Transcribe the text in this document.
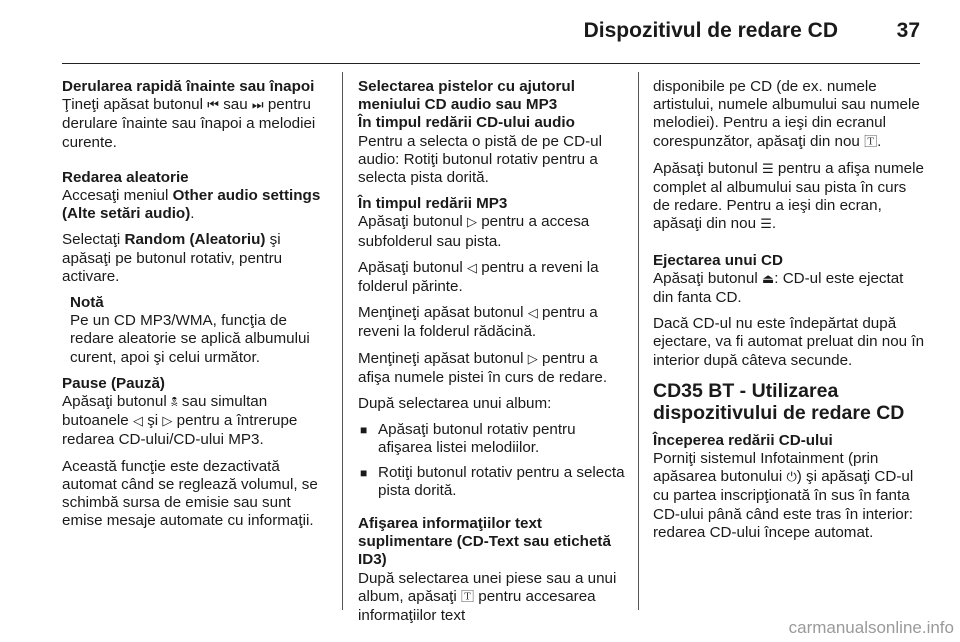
Dispozitivul de redare CD	37
Derularea rapidă înainte sau înapoi

Ţineţi apăsat butonul ⏮ sau ⏭ pentru derulare înainte sau înapoi a melodiei curente.

Redarea aleatorie

Accesaţi meniul Other audio settings (Alte setări audio).

Selectaţi Random (Aleatoriu) şi apăsaţi pe butonul rotativ, pentru activare.

Notă

Pe un CD MP3/WMA, funcţia de redare aleatorie se aplică albumului curent, apoi şi celui următor.

Pause (Pauză)

Apăsaţi butonul 🕱 sau simultan butoanele ◁ şi ▷ pentru a întrerupe redarea CD-ului/CD-ului MP3.

Această funcţie este dezactivată automat când se reglează volumul, se schimbă sursa de emisie sau sunt emise mesaje automate cu informaţii.

Selectarea pistelor cu ajutorul meniului CD audio sau MP3
În timpul redării CD-ului audio

Pentru a selecta o pistă de pe CD-ul audio: Rotiţi butonul rotativ pentru a selecta pista dorită.

În timpul redării MP3

Apăsaţi butonul ▷ pentru a accesa subfolderul sau pista.

Apăsaţi butonul ◁ pentru a reveni la folderul părinte.

Menţineţi apăsat butonul ◁ pentru a reveni la folderul rădăcină.

Menţineţi apăsat butonul ▷ pentru a afişa numele pistei în curs de redare.

După selectarea unui album:

■ Apăsaţi butonul rotativ pentru afişarea listei melodiilor.
■ Rotiţi butonul rotativ pentru a selecta pista dorită.
Afişarea informaţiilor text suplimentare (CD-Text sau etichetă ID3)

După selectarea unei piese sau a unui album, apăsaţi 🅃 pentru accesarea informaţiilor text

disponibile pe CD (de ex. numele artistului, numele albumului sau numele melodiei). Pentru a ieşi din ecranul corespunzător, apăsaţi din nou 🅃.

Apăsaţi butonul ☰ pentru a afişa numele complet al albumului sau pista în curs de redare. Pentru a ieşi din ecran, apăsaţi din nou ☰.

Ejectarea unui CD

Apăsaţi butonul ⏏: CD-ul este ejectat din fanta CD.

Dacă CD-ul nu este îndepărtat după ejectare, va fi automat preluat din nou în interior după câteva secunde.

CD35 BT - Utilizarea dispozitivului de redare CD
Începerea redării CD-ului

Porniţi sistemul Infotainment (prin apăsarea butonului ⏻) şi apăsaţi CD-ul cu partea inscripţionată în sus în fanta CD-ului până când este tras în interior: redarea CD-ului începe automat.

carmanualsonline.info
